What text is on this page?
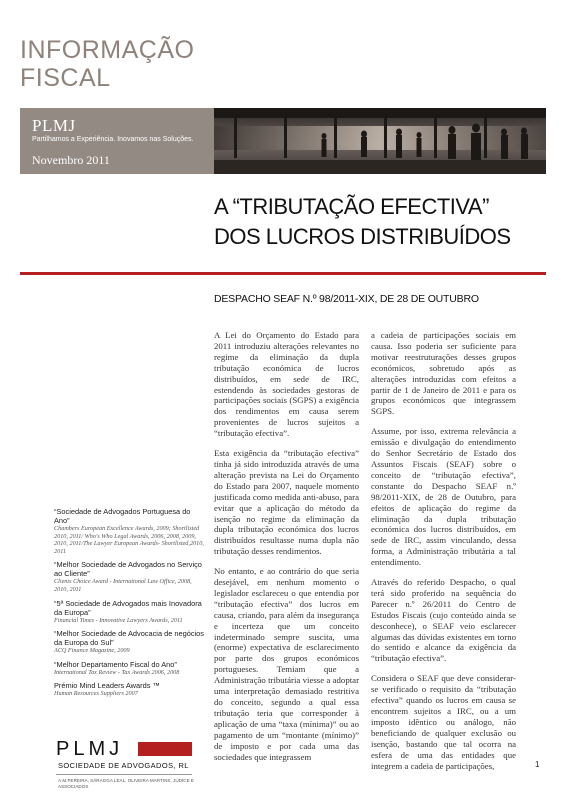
INFORMAÇÃO
FISCAL
PLMJ
Partilhamos a Experiência. Inovamos nas Soluções.
Novembro 2011
A “TRIBUTAÇÃO EFECTIVA”
DOS LUCROS DISTRIBUÍDOS
DESPACHO SEAF N.º 98/2011-XIX, DE 28 DE OUTUBRO

A Lei do Orçamento do Estado para 2011 introduziu alterações relevantes no regime da eliminação da dupla tributação económica de lucros distribuídos, em sede de IRC, estendendo às sociedades gestoras de participações sociais (SGPS) a exigência dos rendimentos em causa serem provenientes de lucros sujeitos a “tributação efectiva”.

Esta exigência da “tributação efectiva” tinha já sido introduzida através de uma alteração prevista na Lei do Orçamento do Estado para 2007, naquele momento justificada como medida anti-abuso, para evitar que a aplicação do método da isenção no regime da eliminação da dupla tributação económica dos lucros distribuídos resultasse numa dupla não tributação desses rendimentos.

No entanto, e ao contrário do que seria desejável, em nenhum momento o legislador esclareceu o que entendia por “tributação efectiva” dos lucros em causa, criando, para além da insegurança e incerteza que um conceito indeterminado sempre suscita, uma (enorme) expectativa de esclarecimento por parte dos grupos económicos portugueses. Temiam que a Administração tributária viesse a adoptar uma interpretação demasiado restritiva do conceito, segundo a qual essa tributação teria que corresponder à aplicação de uma “taxa (mínima)” ou ao pagamento de um “montante (mínimo)” de imposto e por cada uma das sociedades que integrassem

a cadeia de participações sociais em causa. Isso poderia ser suficiente para motivar reestruturações desses grupos económicos, sobretudo após as alterações introduzidas com efeitos a partir de 1 de Janeiro de 2011 e para os grupos económicos que integrassem SGPS.

Assume, por isso, extrema relevância a emissão e divulgação do entendimento do Senhor Secretário de Estado dos Assuntos Fiscais (SEAF) sobre o conceito de “tributação efectiva”, constante do Despacho SEAF n.º 98/2011-XIX, de 28 de Outubro, para efeitos de aplicação do regime da eliminação da dupla tributação económica dos lucros distribuídos, em sede de IRC, assim vinculando, dessa forma, a Administração tributária a tal entendimento.

Através do referido Despacho, o qual terá sido proferido na sequência do Parecer n.º 26/2011 do Centro de Estudos Fiscais (cujo conteúdo ainda se desconhece), o SEAF veio esclarecer algumas das dúvidas existentes em torno do sentido e alcance da exigência da “tributação efectiva”.

Considera o SEAF que deve considerar-se verificado o requisito da “tributação efectiva” quando os lucros em causa se encontrem sujeitos a IRC, ou a um imposto idêntico ou análogo, não beneficiando de qualquer exclusão ou isenção, bastando que tal ocorra na esfera de uma das entidades que integrem a cadeia de participações,

“Sociedade de Advogados Portuguesa do Ano”
Chambers European Excellence Awards, 2009; Shortlisted 2010, 2011/ Who's Who Legal Awards, 2006, 2008, 2009, 2010, 2011/The Lawyer European Awards- Shortlisted,2010, 2011
“Melhor Sociedade de Advogados no Serviço ao Cliente”
Clients Choice Award - International Law Office, 2008, 2010, 2011
“5ª Sociedade de Advogados mais Inovadora da Europa”
Financial Times - Innovative Lawyers Awards, 2011
“Melhor Sociedade de Advocacia de negócios da Europa do Sul”
ACQ Finance Magazine, 2009
“Melhor Departamento Fiscal do Ano”
International Tax Review - Tax Awards 2006, 2008
Prémio Mind Leaders Awards ™
Human Resources Suppliers 2007
PLMJ
SOCIEDADE DE ADVOGADOS, RL
A.M.PEREIRA, SÁRAGGA LEAL, OLIVEIRA MARTINS, JÚDICE E ASSOCIADOS
1
